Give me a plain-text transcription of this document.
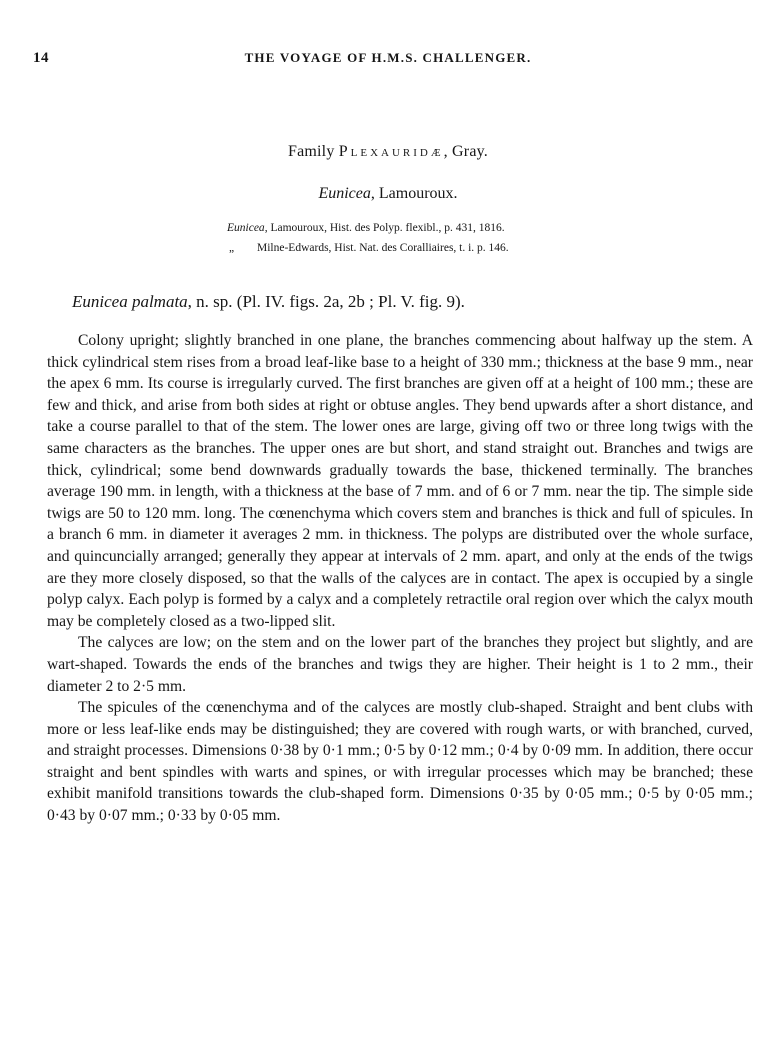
14	THE VOYAGE OF H.M.S. CHALLENGER.
Family Plexauridæ, Gray.
Eunicea, Lamouroux.
Eunicea, Lamouroux, Hist. des Polyp. flexibl., p. 431, 1816.
„ Milne-Edwards, Hist. Nat. des Coralliaires, t. i. p. 146.
Eunicea palmata, n. sp. (Pl. IV. figs. 2a, 2b ; Pl. V. fig. 9).

Colony upright; slightly branched in one plane, the branches commencing about halfway up the stem. A thick cylindrical stem rises from a broad leaf-like base to a height of 330 mm.; thickness at the base 9 mm., near the apex 6 mm. Its course is irregularly curved. The first branches are given off at a height of 100 mm.; these are few and thick, and arise from both sides at right or obtuse angles. They bend upwards after a short distance, and take a course parallel to that of the stem. The lower ones are large, giving off two or three long twigs with the same characters as the branches. The upper ones are but short, and stand straight out. Branches and twigs are thick, cylindrical; some bend downwards gradually towards the base, thickened terminally. The branches average 190 mm. in length, with a thickness at the base of 7 mm. and of 6 or 7 mm. near the tip. The simple side twigs are 50 to 120 mm. long. The cœnenchyma which covers stem and branches is thick and full of spicules. In a branch 6 mm. in diameter it averages 2 mm. in thickness. The polyps are distributed over the whole surface, and quincuncially arranged; generally they appear at intervals of 2 mm. apart, and only at the ends of the twigs are they more closely disposed, so that the walls of the calyces are in contact. The apex is occupied by a single polyp calyx. Each polyp is formed by a calyx and a completely retractile oral region over which the calyx mouth may be completely closed as a two-lipped slit.

The calyces are low; on the stem and on the lower part of the branches they project but slightly, and are wart-shaped. Towards the ends of the branches and twigs they are higher. Their height is 1 to 2 mm., their diameter 2 to 2·5 mm.

The spicules of the cœnenchyma and of the calyces are mostly club-shaped. Straight and bent clubs with more or less leaf-like ends may be distinguished; they are covered with rough warts, or with branched, curved, and straight processes. Dimensions 0·38 by 0·1 mm.; 0·5 by 0·12 mm.; 0·4 by 0·09 mm. In addition, there occur straight and bent spindles with warts and spines, or with irregular processes which may be branched; these exhibit manifold transitions towards the club-shaped form. Dimensions 0·35 by 0·05 mm.; 0·5 by 0·05 mm.; 0·43 by 0·07 mm.; 0·33 by 0·05 mm.
